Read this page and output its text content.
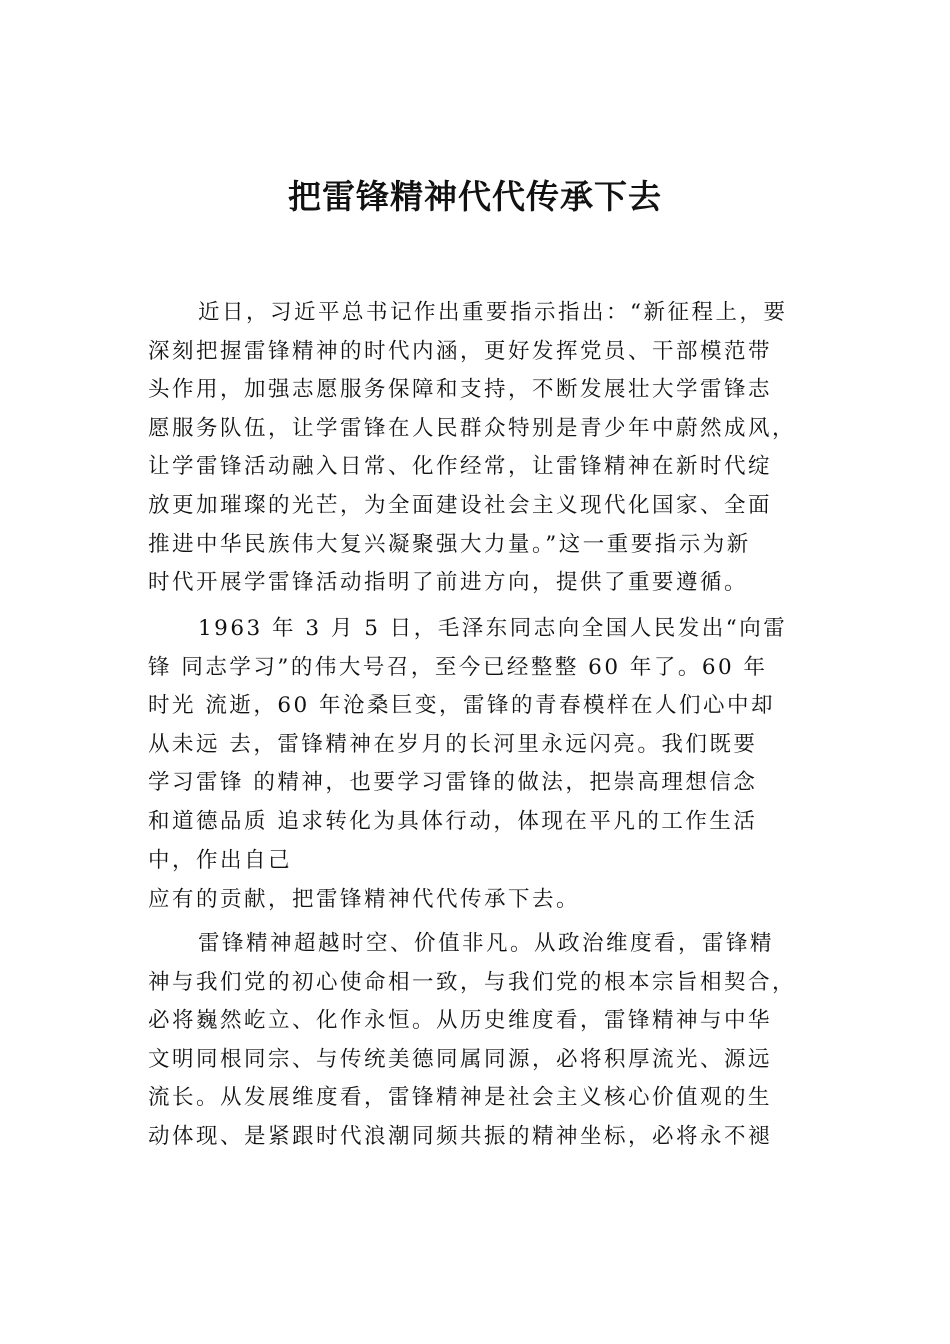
把雷锋精神代代传承下去
近日，习近平总书记作出重要指示指出：“新征程上，要
深刻把握雷锋精神的时代内涵，更好发挥党员、干部模范带
头作用，加强志愿服务保障和支持，不断发展壮大学雷锋志
愿服务队伍，让学雷锋在人民群众特别是青少年中蔚然成风，
让学雷锋活动融入日常、化作经常，让雷锋精神在新时代绽
放更加璀璨的光芒，为全面建设社会主义现代化国家、全面
推进中华民族伟大复兴凝聚强大力量。”这一重要指示为新
时代开展学雷锋活动指明了前进方向，提供了重要遵循。
1963 年 3 月 5 日，毛泽东同志向全国人民发出“向雷
锋 同志学习”的伟大号召，至今已经整整 60 年了。60 年
时光 流逝，60 年沧桑巨变，雷锋的青春模样在人们心中却
从未远 去，雷锋精神在岁月的长河里永远闪亮。我们既要
学习雷锋 的精神，也要学习雷锋的做法，把崇高理想信念
和道德品质 追求转化为具体行动，体现在平凡的工作生活
中，作出自己
应有的贡献，把雷锋精神代代传承下去。
雷锋精神超越时空、价值非凡。从政治维度看，雷锋精
神与我们党的初心使命相一致，与我们党的根本宗旨相契合，
必将巍然屹立、化作永恒。从历史维度看，雷锋精神与中华
文明同根同宗、与传统美德同属同源，必将积厚流光、源远
流长。从发展维度看，雷锋精神是社会主义核心价值观的生
动体现、是紧跟时代浪潮同频共振的精神坐标，必将永不褪
